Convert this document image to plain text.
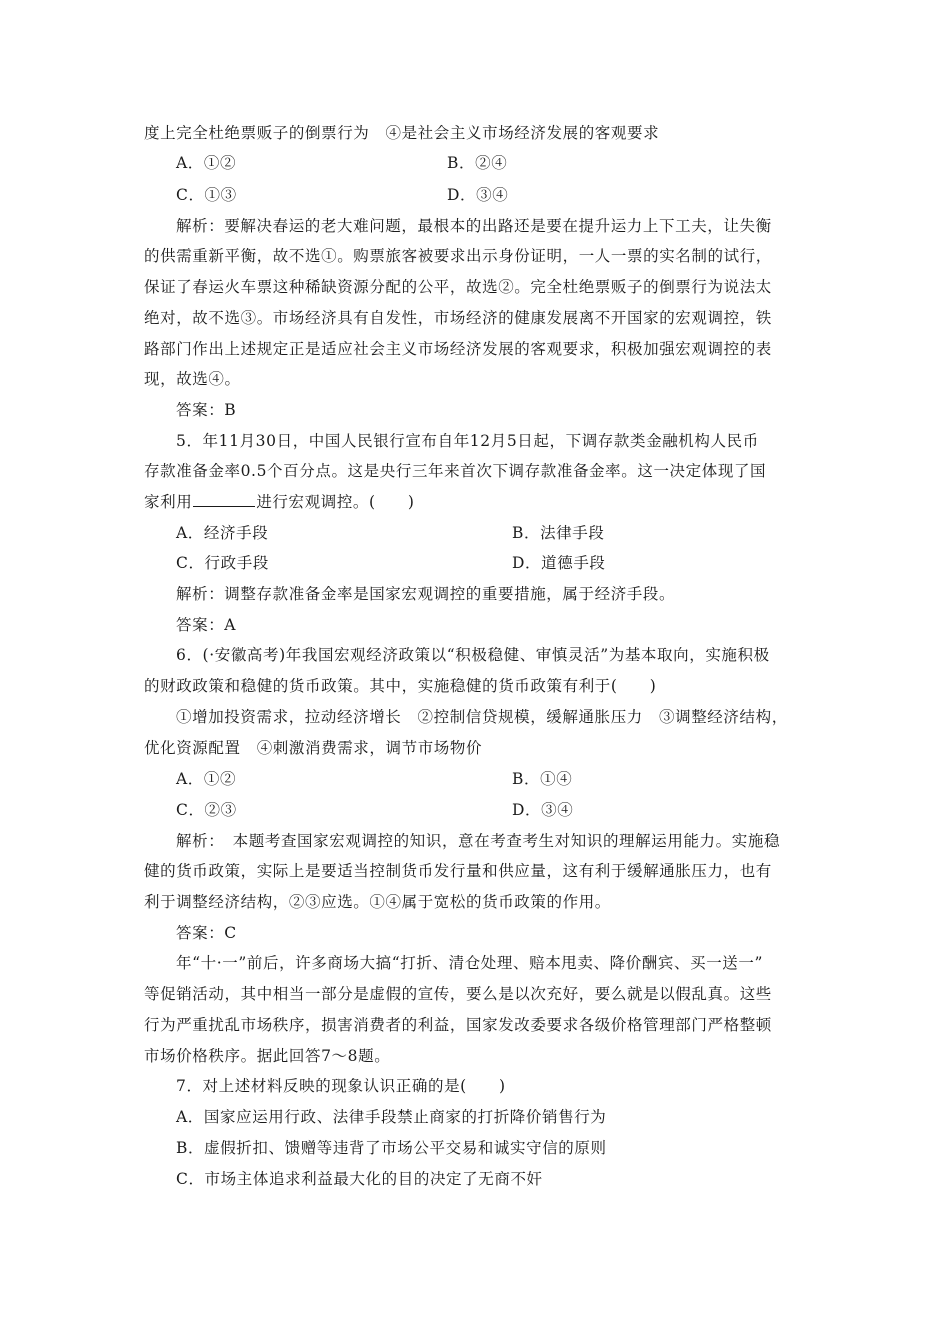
度上完全杜绝票贩子的倒票行为　④是社会主义市场经济发展的客观要求
A．①②	B．②④
C．①③	D．③④
解析：要解决春运的老大难问题，最根本的出路还是要在提升运力上下工夫，让失衡
的供需重新平衡，故不选①。购票旅客被要求出示身份证明，一人一票的实名制的试行，
保证了春运火车票这种稀缺资源分配的公平，故选②。完全杜绝票贩子的倒票行为说法太
绝对，故不选③。市场经济具有自发性，市场经济的健康发展离不开国家的宏观调控，铁
路部门作出上述规定正是适应社会主义市场经济发展的客观要求，积极加强宏观调控的表
现，故选④。
答案：B
5．年11月30日，中国人民银行宣布自年12月5日起，下调存款类金融机构人民币
存款准备金率0.5个百分点。这是央行三年来首次下调存款准备金率。这一决定体现了国
家利用	进行宏观调控。(　　)
A．经济手段	B．法律手段
C．行政手段	D．道德手段
解析：调整存款准备金率是国家宏观调控的重要措施，属于经济手段。
答案：A
6．(·安徽高考)年我国宏观经济政策以“积极稳健、审慎灵活”为基本取向，实施积极
的财政政策和稳健的货币政策。其中，实施稳健的货币政策有利于(　　)
①增加投资需求，拉动经济增长　②控制信贷规模，缓解通胀压力　③调整经济结构，
优化资源配置　④刺激消费需求，调节市场物价
A．①②	B．①④
C．②③	D．③④
解析：　本题考查国家宏观调控的知识，意在考查考生对知识的理解运用能力。实施稳
健的货币政策，实际上是要适当控制货币发行量和供应量，这有利于缓解通胀压力，也有
利于调整经济结构，②③应选。①④属于宽松的货币政策的作用。
答案：C
年“十·一”前后，许多商场大搞“打折、清仓处理、赔本甩卖、降价酬宾、买一送一”
等促销活动，其中相当一部分是虚假的宣传，要么是以次充好，要么就是以假乱真。这些
行为严重扰乱市场秩序，损害消费者的利益，国家发改委要求各级价格管理部门严格整顿
市场价格秩序。据此回答7～8题。
7．对上述材料反映的现象认识正确的是(　　)
A．国家应运用行政、法律手段禁止商家的打折降价销售行为
B．虚假折扣、馈赠等违背了市场公平交易和诚实守信的原则
C．市场主体追求利益最大化的目的决定了无商不奸
